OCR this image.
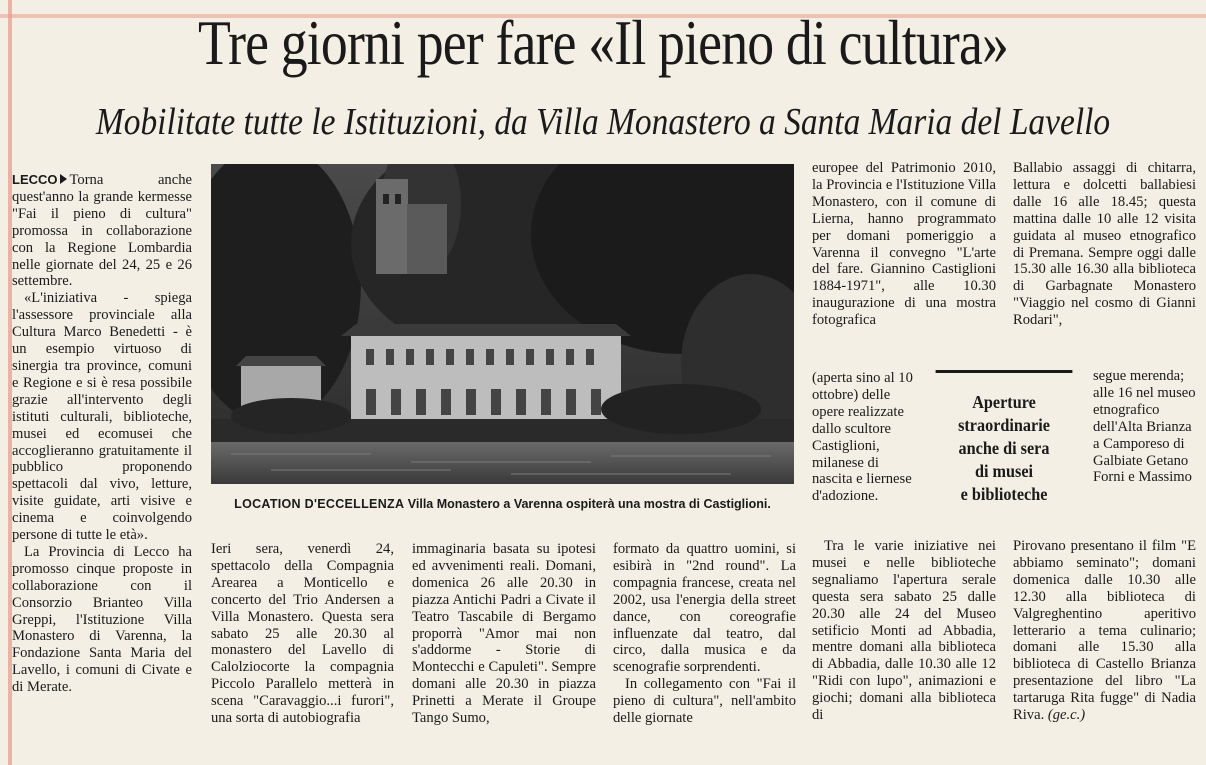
Tre giorni per fare «Il pieno di cultura»
Mobilitate tutte le Istituzioni, da Villa Monastero a Santa Maria del Lavello

LECCO Torna anche quest'anno la grande kermesse "Fai il pieno di cultura" promossa in collaborazione con la Regione Lombardia nelle giornate del 24, 25 e 26 settembre.

«L'iniziativa - spiega l'assessore provinciale alla Cultura Marco Benedetti - è un esempio virtuoso di sinergia tra province, comuni e Regione e si è resa possibile grazie all'intervento degli istituti culturali, biblioteche, musei ed ecomusei che accoglieranno gratuitamente il pubblico proponendo spettacoli dal vivo, letture, visite guidate, arti visive e cinema e coinvolgendo persone di tutte le età».

La Provincia di Lecco ha promosso cinque proposte in collaborazione con il Consorzio Brianteo Villa Greppi, l'Istituzione Villa Monastero di Varenna, la Fondazione Santa Maria del Lavello, i comuni di Civate e di Merate.

LOCATION D'ECCELLENZA Villa Monastero a Varenna ospiterà una mostra di Castiglioni.

Ieri sera, venerdì 24, spettacolo della Compagnia Arearea a Monticello e concerto del Trio Andersen a Villa Monastero. Questa sera sabato 25 alle 20.30 al monastero del Lavello di Calolziocorte la compagnia Piccolo Parallelo metterà in scena "Caravaggio...i furori", una sorta di autobiografia

immaginaria basata su ipotesi ed avvenimenti reali. Domani, domenica 26 alle 20.30 in piazza Antichi Padri a Civate il Teatro Tascabile di Bergamo proporrà "Amor mai non s'addorme - Storie di Montecchi e Capuleti". Sempre domani alle 20.30 in piazza Prinetti a Merate il Groupe Tango Sumo,

formato da quattro uomini, si esibirà in "2nd round". La compagnia francese, creata nel 2002, usa l'energia della street dance, con coreografie influenzate dal teatro, dal circo, dalla musica e da scenografie sorprendenti.

In collegamento con "Fai il pieno di cultura", nell'ambito delle giornate

europee del Patrimonio 2010, la Provincia e l'Istituzione Villa Monastero, con il comune di Lierna, hanno programmato per domani pomeriggio a Varenna il convegno "L'arte del fare. Giannino Castiglioni 1884-1971", alle 10.30 inaugurazione di una mostra fotografica

(aperta sino al 10 ottobre) delle opere realizzate dallo scultore Castiglioni, milanese di nascita e liernese d'adozione.

Tra le varie iniziative nei musei e nelle biblioteche segnaliamo l'apertura serale questa sera sabato 25 dalle 20.30 alle 24 del Museo setificio Monti ad Abbadia, mentre domani alla biblioteca di Abbadia, dalle 10.30 alle 12 "Ridi con lupo", animazioni e giochi; domani alla biblioteca di

Aperture
straordinarie
anche di sera
di musei
e biblioteche

Ballabio assaggi di chitarra, lettura e dolcetti ballabiesi dalle 16 alle 18.45; questa mattina dalle 10 alle 12 visita guidata al museo etnografico di Premana. Sempre oggi dalle 15.30 alle 16.30 alla biblioteca di Garbagnate Monastero "Viaggio nel cosmo di Gianni Rodari",

segue merenda; alle 16 nel museo etnografico dell'Alta Brianza a Camporeso di Galbiate Getano Forni e Massimo

Pirovano presentano il film "E abbiamo seminato"; domani domenica dalle 10.30 alle 12.30 alla biblioteca di Valgreghentino aperitivo letterario a tema culinario; domani alle 15.30 alla biblioteca di Castello Brianza presentazione del libro "La tartaruga Rita fugge" di Nadia Riva. (ge.c.)
